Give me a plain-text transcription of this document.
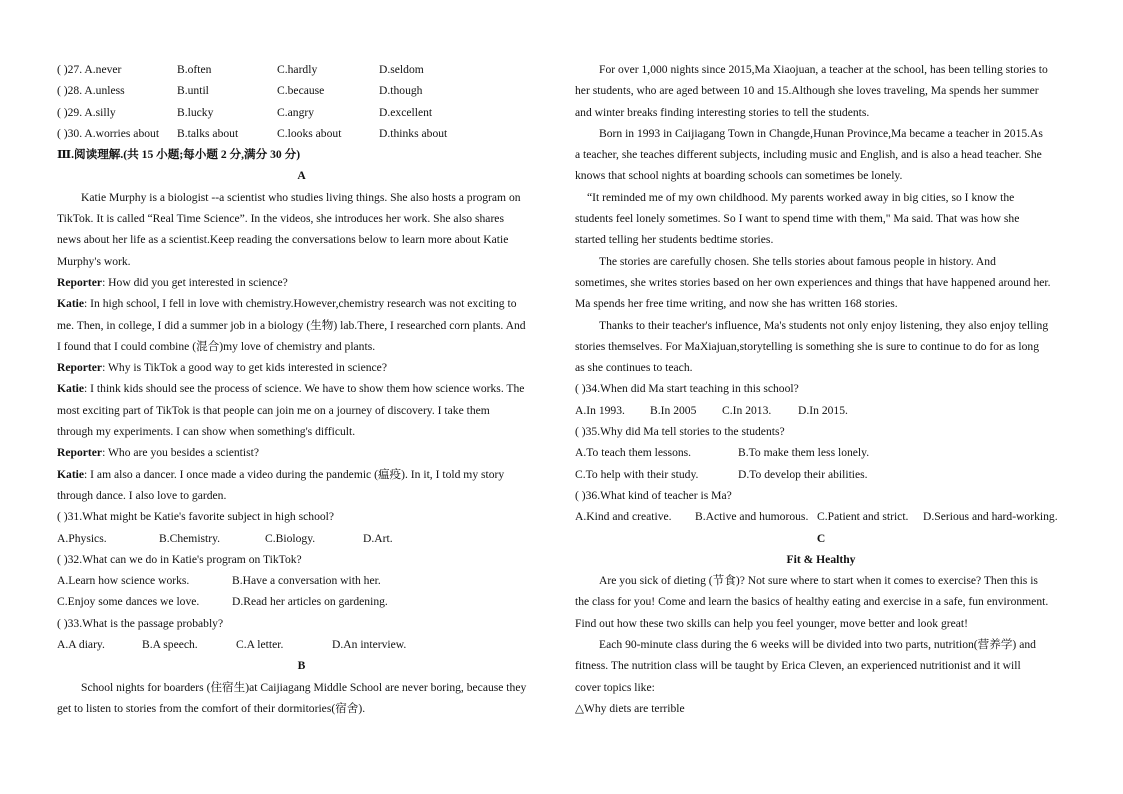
( )27. A.never	B.often	C.hardly	D.seldom
( )28. A.unless	B.until	C.because	D.though
( )29. A.silly	B.lucky	C.angry	D.excellent
( )30. A.worries about B.talks about	C.looks about	D.thinks about
Ⅲ.阅读理解.(共 15 小题;每小题 2 分,满分 30 分)
A
Katie Murphy is a biologist --a scientist who studies living things. She also hosts a program on
TikTok. It is called “Real Time Science”. In the videos, she introduces her work. She also shares
news about her life as a scientist.Keep reading the conversations below to learn more about Katie
Murphy's work.
Reporter: How did you get interested in science?
Katie: In high school, I fell in love with chemistry.However,chemistry research was not exciting to
me. Then, in college, I did a summer job in a biology (生物) lab.There, I researched corn plants. And
I found that I could combine (混合)my love of chemistry and plants.
Reporter: Why is TikTok a good way to get kids interested in science?
Katie: I think kids should see the process of science. We have to show them how science works. The
most exciting part of TikTok is that people can join me on a journey of discovery. I take them
through my experiments. I can show when something's difficult.
Reporter: Who are you besides a scientist?
Katie: I am also a dancer. I once made a video during the pandemic (瘟疫). In it, I told my story
through dance. I also love to garden.
( )31.What might be Katie's favorite subject in high school?
A.Physics.	B.Chemistry.	C.Biology.	D.Art.
( )32.What can we do in Katie's program on TikTok?
A.Learn how science works.	B.Have a conversation with her.
C.Enjoy some dances we love.	D.Read her articles on gardening.
( )33.What is the passage probably?
A.A diary.	B.A speech.	C.A letter.	D.An interview.
B
School nights for boarders (住宿生)at Caijiagang Middle School are never boring, because they
get to listen to stories from the comfort of their dormitories(宿舍).
For over 1,000 nights since 2015,Ma Xiaojuan, a teacher at the school, has been telling stories to
her students, who are aged between 10 and 15.Although she loves traveling, Ma spends her summer
and winter breaks finding interesting stories to tell the students.
Born in 1993 in Caijiagang Town in Changde,Hunan Province,Ma became a teacher in 2015.As
a teacher, she teaches different subjects, including music and English, and is also a head teacher. She
knows that school nights at boarding schools can sometimes be lonely.
“It reminded me of my own childhood. My parents worked away in big cities, so I know the
students feel lonely sometimes. So I want to spend time with them," Ma said. That was how she
started telling her students bedtime stories.
The stories are carefully chosen. She tells stories about famous people in history. And
sometimes, she writes stories based on her own experiences and things that have happened around her.
Ma spends her free time writing, and now she has written 168 stories.
Thanks to their teacher's influence, Ma's students not only enjoy listening, they also enjoy telling
stories themselves. For MaXiajuan,storytelling is something she is sure to continue to do for as long
as she continues to teach.
( )34.When did Ma start teaching in this school?
A.In 1993. B.In 2005 C.In 2013. D.In 2015.
( )35.Why did Ma tell stories to the students?
A.To teach them lessons.	B.To make them less lonely.
C.To help with their study.	D.To develop their abilities.
( )36.What kind of teacher is Ma?
A.Kind and creative. B.Active and humorous. C.Patient and strict. D.Serious and hard-working.
C
Fit & Healthy
Are you sick of dieting (节食)? Not sure where to start when it comes to exercise? Then this is
the class for you! Come and learn the basics of healthy eating and exercise in a safe, fun environment.
Find out how these two skills can help you feel younger, move better and look great!
Each 90-minute class during the 6 weeks will be divided into two parts, nutrition(营养学) and
fitness. The nutrition class will be taught by Erica Cleven, an experienced nutritionist and it will
cover topics like:
△Why diets are terrible
